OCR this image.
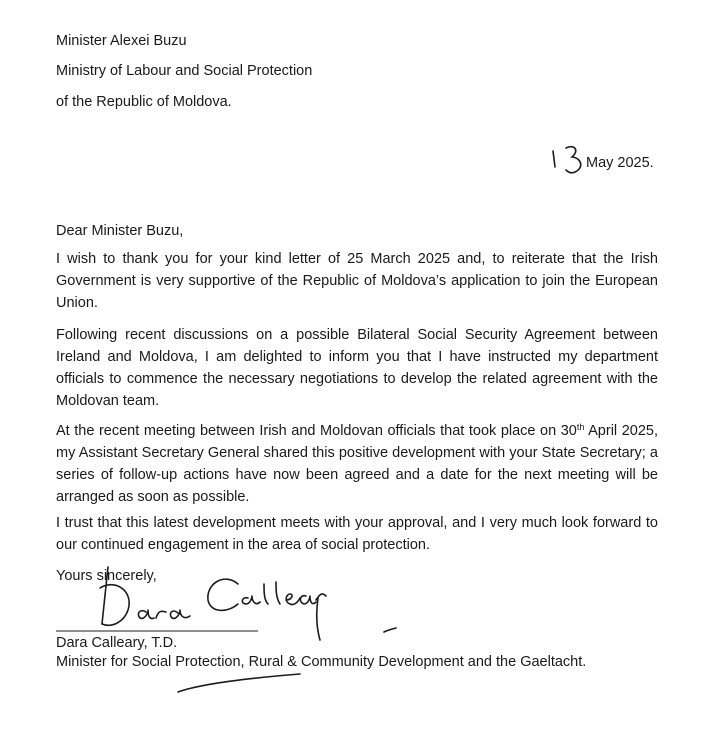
Minister Alexei Buzu
Ministry of Labour and Social Protection
of the Republic of Moldova.
May 2025.
Dear Minister Buzu,
I wish to thank you for your kind letter of 25 March 2025 and, to reiterate that the Irish Government is very supportive of the Republic of Moldova’s application to join the European Union.
Following recent discussions on a possible Bilateral Social Security Agreement between Ireland and Moldova, I am delighted to inform you that I have instructed my department officials to commence the necessary negotiations to develop the related agreement with the Moldovan team.
At the recent meeting between Irish and Moldovan officials that took place on 30th April 2025, my Assistant Secretary General shared this positive development with your State Secretary; a series of follow-up actions have now been agreed and a date for the next meeting will be arranged as soon as possible.
I trust that this latest development meets with your approval, and I very much look forward to our continued engagement in the area of social protection.
Yours sincerely,
Dara Calleary, T.D.
Minister for Social Protection, Rural & Community Development and the Gaeltacht.
